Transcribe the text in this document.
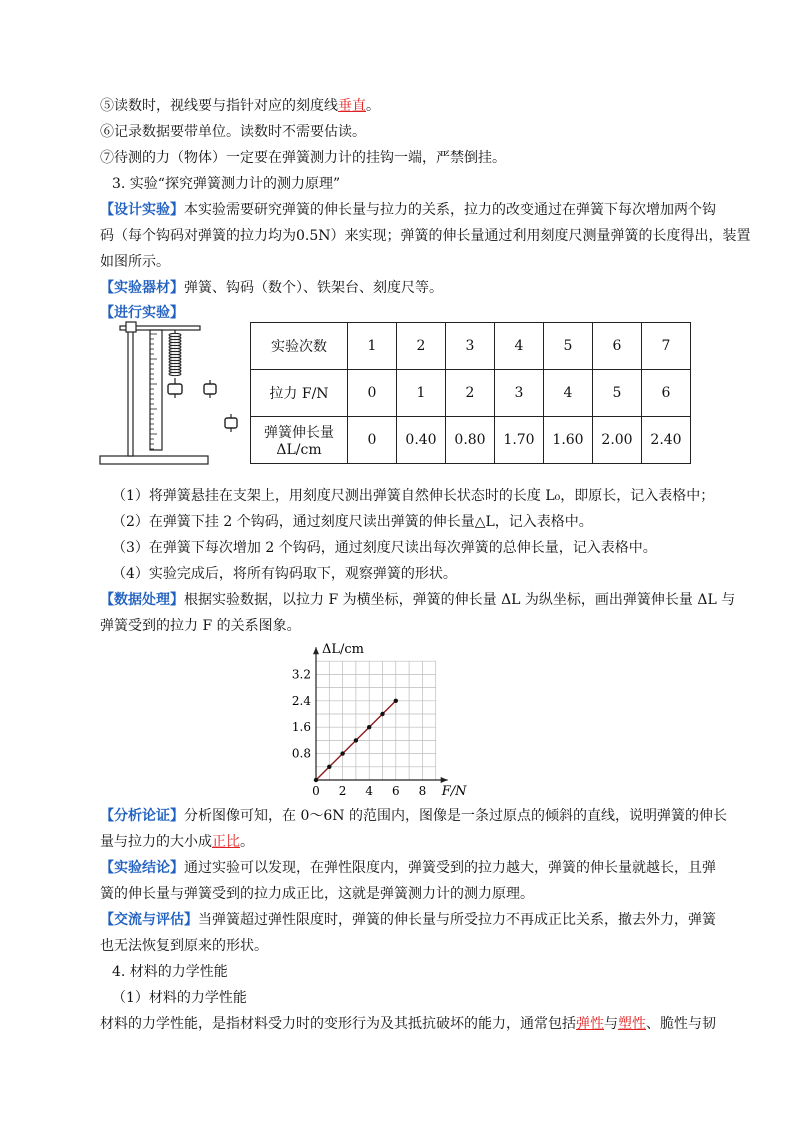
⑤读数时，视线要与指针对应的刻度线垂直。
⑥记录数据要带单位。读数时不需要估读。
⑦待测的力（物体）一定要在弹簧测力计的挂钩一端，严禁倒挂。
3. 实验“探究弹簧测力计的测力原理”
【设计实验】本实验需要研究弹簧的伸长量与拉力的关系，拉力的改变通过在弹簧下每次增加两个钩
码（每个钩码对弹簧的拉力均为0.5N）来实现；弹簧的伸长量通过利用刻度尺测量弹簧的长度得出，装置
如图所示。
【实验器材】弹簧、钩码（数个）、铁架台、刻度尺等。
【进行实验】
实验次数	1	2	3	4	5	6	7
拉力 F/N	0	1	2	3	4	5	6

弹簧伸长量
ΔL/cm	0	0.40	0.80	1.70	1.60	2.00	2.40
（1）将弹簧悬挂在支架上，用刻度尺测出弹簧自然伸长状态时的长度 L₀，即原长，记入表格中；
（2）在弹簧下挂 2 个钩码，通过刻度尺读出弹簧的伸长量△L，记入表格中。
（3）在弹簧下每次增加 2 个钩码，通过刻度尺读出每次弹簧的总伸长量，记入表格中。
（4）实验完成后，将所有钩码取下，观察弹簧的形状。
【数据处理】根据实验数据，以拉力 F 为横坐标，弹簧的伸长量 ΔL 为纵坐标，画出弹簧伸长量 ΔL 与
弹簧受到的拉力 F 的关系图象。
0 2 4 6 8
0.8
1.6
2.4
3.2
ΔL/cm
F/N
【分析论证】分析图像可知，在 0～6N 的范围内，图像是一条过原点的倾斜的直线，说明弹簧的伸长
量与拉力的大小成正比。
【实验结论】通过实验可以发现，在弹性限度内，弹簧受到的拉力越大，弹簧的伸长量就越长，且弹
簧的伸长量与弹簧受到的拉力成正比，这就是弹簧测力计的测力原理。
【交流与评估】当弹簧超过弹性限度时，弹簧的伸长量与所受拉力不再成正比关系，撤去外力，弹簧
也无法恢复到原来的形状。
4. 材料的力学性能
（1）材料的力学性能
材料的力学性能，是指材料受力时的变形行为及其抵抗破坏的能力，通常包括弹性与塑性、脆性与韧
